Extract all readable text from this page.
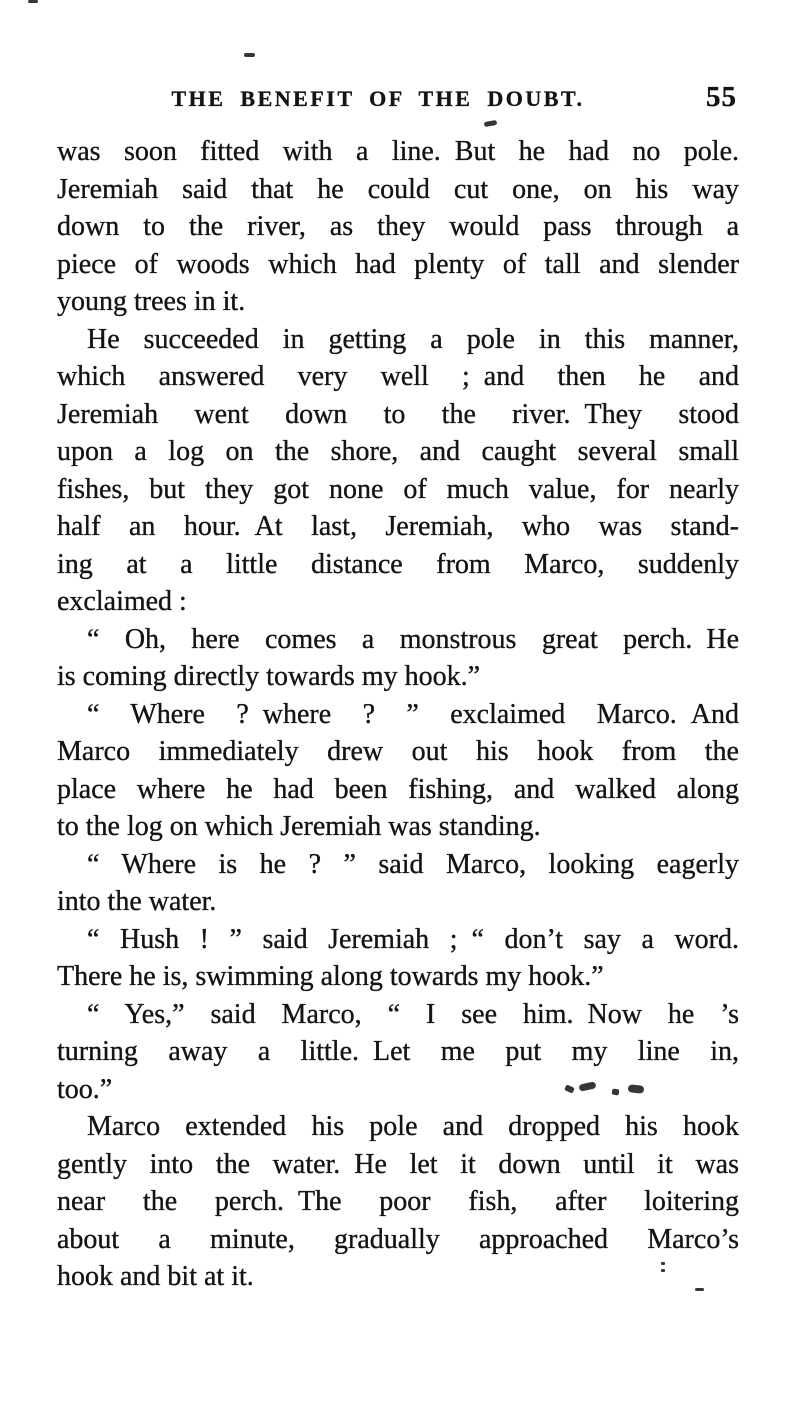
THE BENEFIT OF THE DOUBT.	55
was soon fitted with a line. But he had no pole.
Jeremiah said that he could cut one, on his way
down to the river, as they would pass through a
piece of woods which had plenty of tall and slender
young trees in it.
He succeeded in getting a pole in this manner,
which answered very well ; and then he and
Jeremiah went down to the river. They stood
upon a log on the shore, and caught several small
fishes, but they got none of much value, for nearly
half an hour. At last, Jeremiah, who was stand-
ing at a little distance from Marco, suddenly
exclaimed :
“ Oh, here comes a monstrous great perch. He
is coming directly towards my hook.”
“ Where ? where ? ” exclaimed Marco. And
Marco immediately drew out his hook from the
place where he had been fishing, and walked along
to the log on which Jeremiah was standing.
“ Where is he ? ” said Marco, looking eagerly
into the water.
“ Hush ! ” said Jeremiah ; “ don’t say a word.
There he is, swimming along towards my hook.”
“ Yes,” said Marco, “ I see him. Now he ’s
turning away a little. Let me put my line in,
too.”
Marco extended his pole and dropped his hook
gently into the water. He let it down until it was
near the perch. The poor fish, after loitering
about a minute, gradually approached Marco’s
hook and bit at it.
